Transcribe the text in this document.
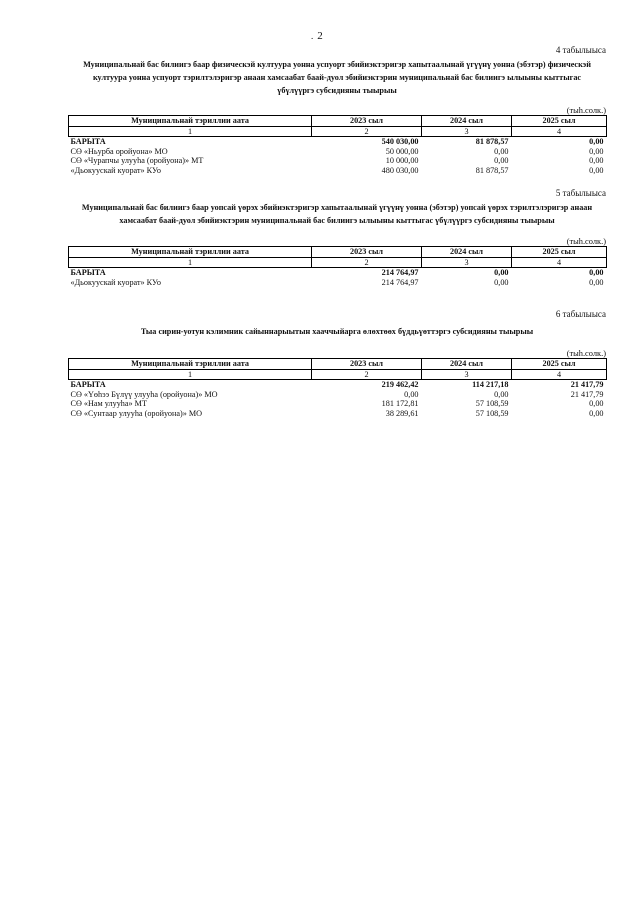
. 2
4 табылыыса
Муниципальнай бас билиигэ баар физическэй култуура уонна успуорт эбийиэктэригэр хапытаалынай үгүүнү уонна (эбэтэр) физическэй култуура уонна успуорт тэрилтэлэригэр анаан хамсаабат баай-дуол эбийиэктэрин муниципальнай бас билиигэ ылыыны кыттыгас үбүлүүргэ субсидияны тыырыы
(тыһ.солк.)
Муниципальнай тэриллии аата	2023 сыл	2024 сыл	2025 сыл
1	2	3	4
БАРЫТА	540 030,00	81 878,57	0,00
СӨ «Ньурба оройуона» МО	50 000,00	0,00	0,00
СӨ «Чурапчы улууһа (оройуона)» МТ	10 000,00	0,00	0,00
«Дьокуускай куорат» КУо	480 030,00	81 878,57	0,00
5 табылыыса
Муниципальнай бас билиигэ баар уопсай үөрэх эбийиэктэригэр хапытаалынай үгүүнү уонна (эбэтэр) уопсай үөрэх тэрилтэлэригэр анаан хамсаабат баай-дуол эбийиэктэрин муниципальнай бас билиигэ ылыыны кыттыгас үбүлүүргэ субсидияны тыырыы
(тыһ.солк.)
Муниципальнай тэриллии аата	2023 сыл	2024 сыл	2025 сыл
1	2	3	4
БАРЫТА	214 764,97	0,00	0,00
«Дьокуускай куорат» КУо	214 764,97	0,00	0,00
6 табылыыса
Тыа сирин-уотун кэлимник сайыннарыытын хааччыйарга өлөхтөөх бүддьүөттэргэ субсидияны тыырыы
(тыһ.солк.)
Муниципальнай тэриллии аата	2023 сыл	2024 сыл	2025 сыл
1	2	3	4
БАРЫТА	219 462,42	114 217,18	21 417,79
СӨ «Үөһээ Бүлүү улууһа (оройуона)» МО	0,00	0,00	21 417,79
СӨ «Нам улууһа» МТ	181 172,81	57 108,59	0,00
СӨ «Сунтаар улууһа (оройуона)» МО	38 289,61	57 108,59	0,00
